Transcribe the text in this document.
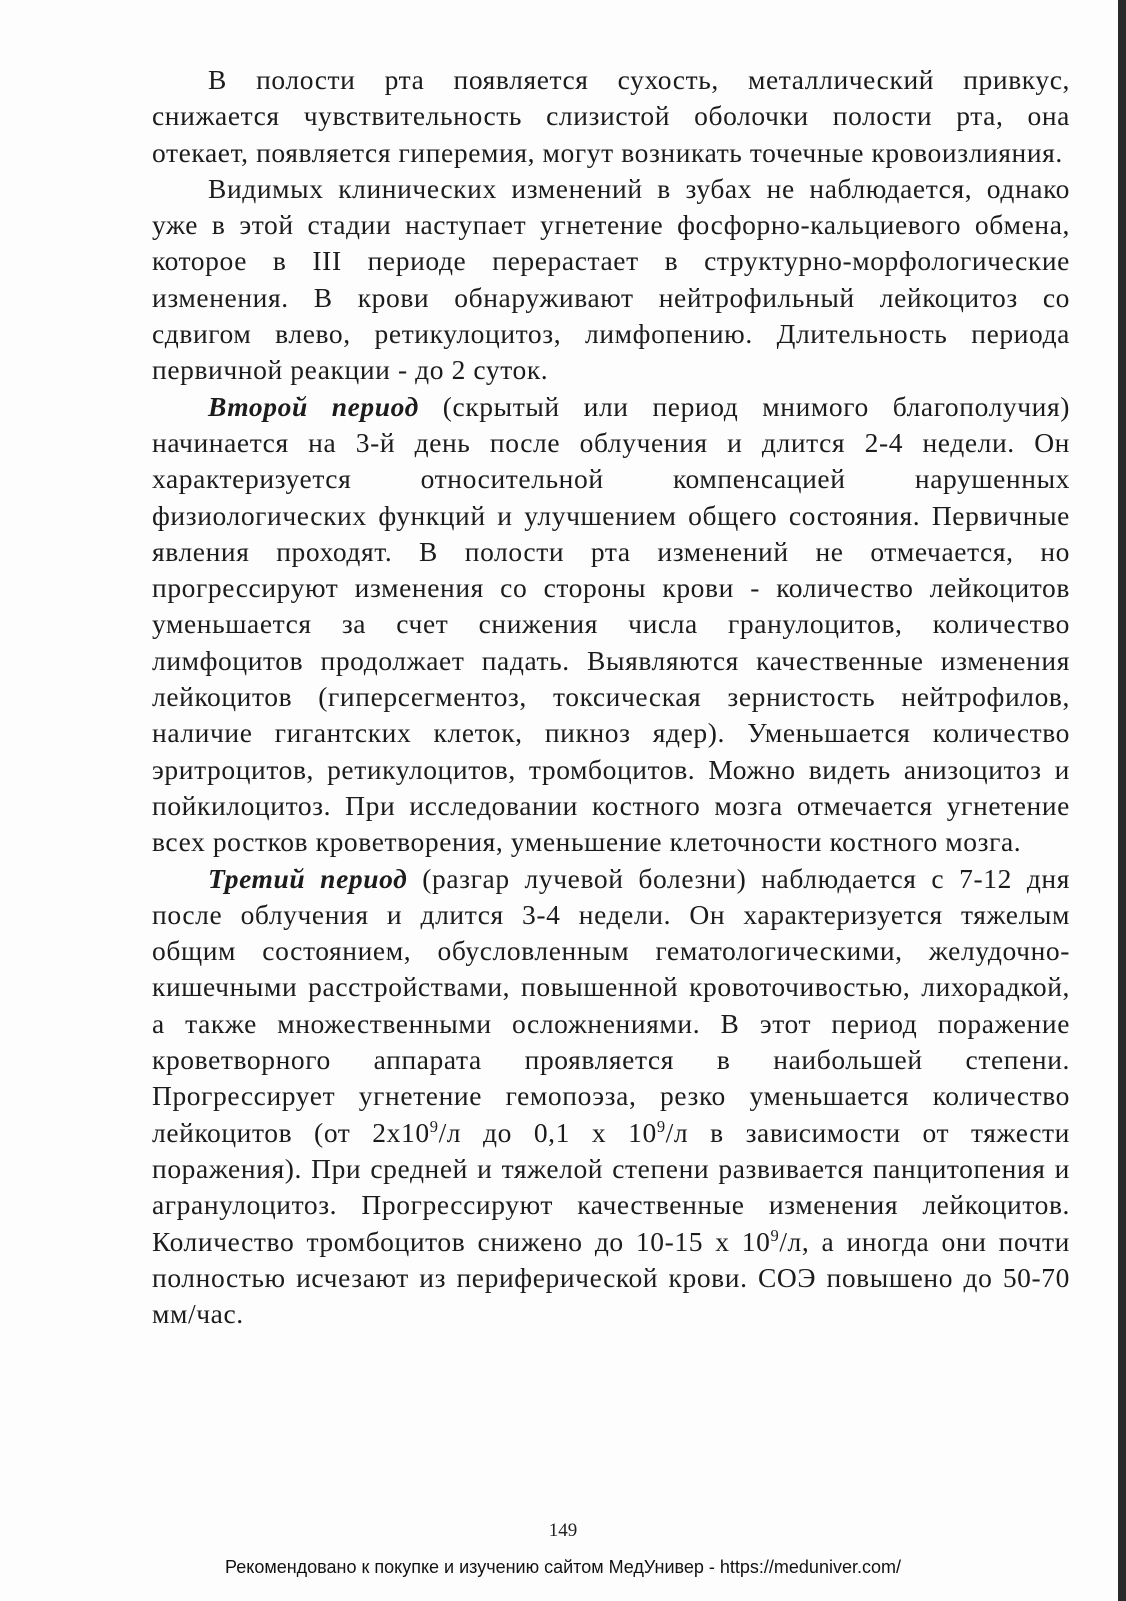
В полости рта появляется сухость, металлический привкус, снижается чувствительность слизистой оболочки полости рта, она отекает, появляется гиперемия, могут возникать точечные кровоизлияния.

Видимых клинических изменений в зубах не наблюдается, однако уже в этой стадии наступает угнетение фосфорно-кальциевого обмена, которое в III периоде перерастает в структурно-морфологические изменения. В крови обнаруживают нейтрофильный лейкоцитоз со сдвигом влево, ретикулоцитоз, лимфопению. Длительность периода первичной реакции - до 2 суток.

Второй период (скрытый или период мнимого благополучия) начинается на 3-й день после облучения и длится 2-4 недели. Он характеризуется относительной компенсацией нарушенных физиологических функций и улучшением общего состояния. Первичные явления проходят. В полости рта изменений не отмечается, но прогрессируют изменения со стороны крови - количество лейкоцитов уменьшается за счет снижения числа гранулоцитов, количество лимфоцитов продолжает падать. Выявляются качественные изменения лейкоцитов (гиперсегментоз, токсическая зернистость нейтрофилов, наличие гигантских клеток, пикноз ядер). Уменьшается количество эритроцитов, ретикулоцитов, тромбоцитов. Можно видеть анизоцитоз и пойкилоцитоз. При исследовании костного мозга отмечается угнетение всех ростков кроветворения, уменьшение клеточности костного мозга.

Третий период (разгар лучевой болезни) наблюдается с 7-12 дня после облучения и длится 3-4 недели. Он характеризуется тяжелым общим состоянием, обусловленным гематологическими, желудочно-кишечными расстройствами, повышенной кровоточивостью, лихорадкой, а также множественными осложнениями. В этот период поражение кроветворного аппарата проявляется в наибольшей степени. Прогрессирует угнетение гемопоэза, резко уменьшается количество лейкоцитов (от $2х10^9/л$ до 0,1 х $10^9/л$ в зависимости от тяжести поражения). При средней и тяжелой степени развивается панцитопения и агранулоцитоз. Прогрессируют качественные изменения лейкоцитов. Количество тромбоцитов снижено до 10-15 х $10^9/л$, а иногда они почти полностью исчезают из периферической крови. СОЭ повышено до 50-70 мм/час.

149
Рекомендовано к покупке и изучению сайтом МедУнивер - https://meduniver.com/
